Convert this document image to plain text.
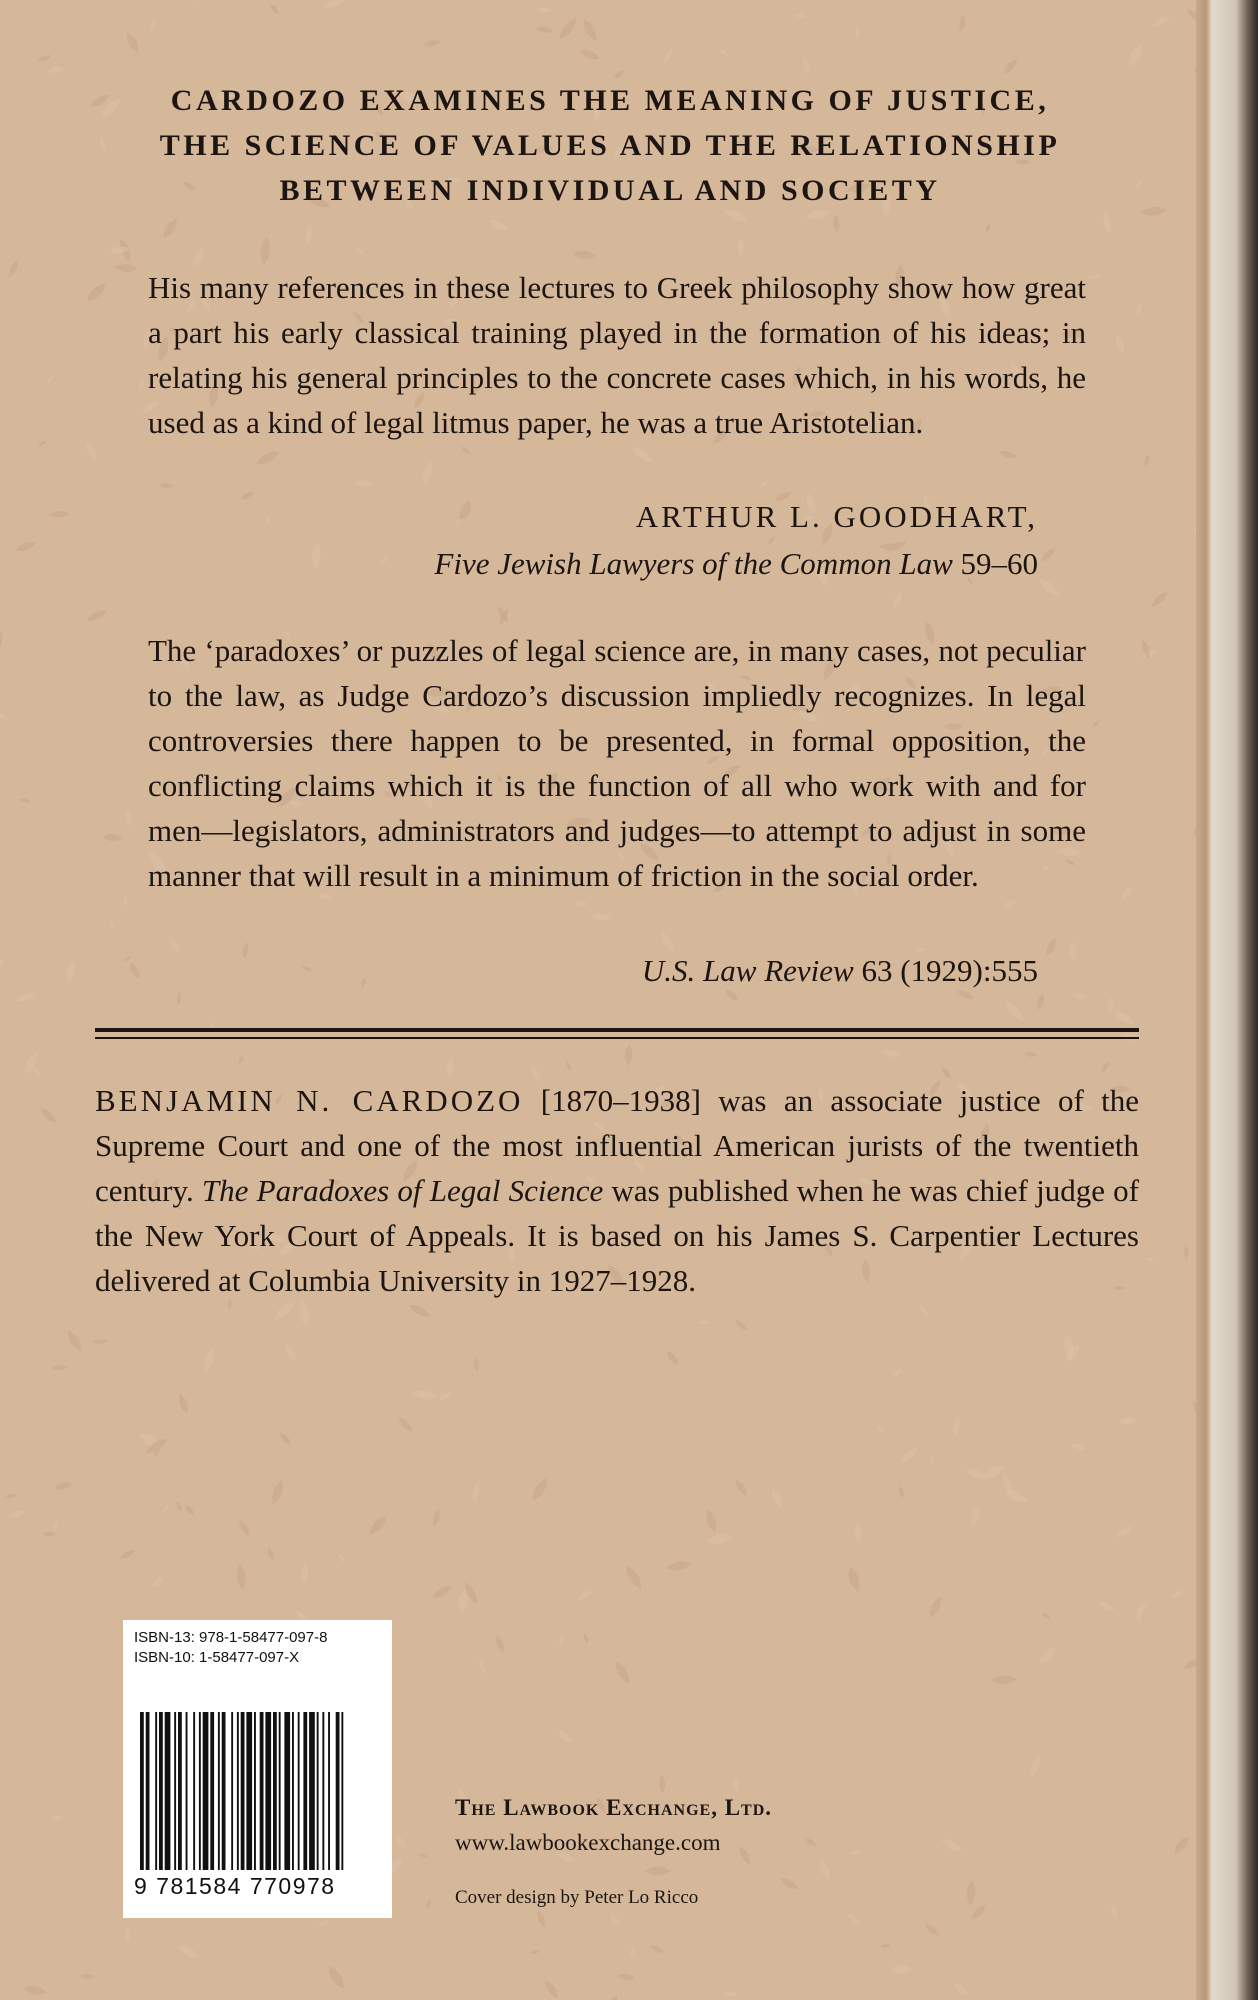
CARDOZO EXAMINES THE MEANING OF JUSTICE,
THE SCIENCE OF VALUES AND THE RELATIONSHIP
BETWEEN INDIVIDUAL AND SOCIETY

His many references in these lectures to Greek philosophy show how great a part his early classical training played in the formation of his ideas; in relating his general principles to the concrete cases which, in his words, he used as a kind of legal litmus paper, he was a true Aristotelian.

ARTHUR L. GOODHART,
Five Jewish Lawyers of the Common Law 59–60

The ‘paradoxes’ or puzzles of legal science are, in many cases, not peculiar to the law, as Judge Cardozo’s discussion impliedly recognizes. In legal controversies there happen to be presented, in formal opposition, the conflicting claims which it is the function of all who work with and for men—legislators, administrators and judges—to attempt to adjust in some manner that will result in a minimum of friction in the social order.

U.S. Law Review 63 (1929):555

BENJAMIN N. CARDOZO [1870–1938] was an associate justice of the Supreme Court and one of the most influential American jurists of the twentieth century. The Paradoxes of Legal Science was published when he was chief judge of the New York Court of Appeals. It is based on his James S. Carpentier Lectures delivered at Columbia University in 1927–1928.

ISBN-13: 978-1-58477-097-8
ISBN-10: 1-58477-097-X
9 781584 770978
The Lawbook Exchange, Ltd.
www.lawbookexchange.com
Cover design by Peter Lo Ricco
